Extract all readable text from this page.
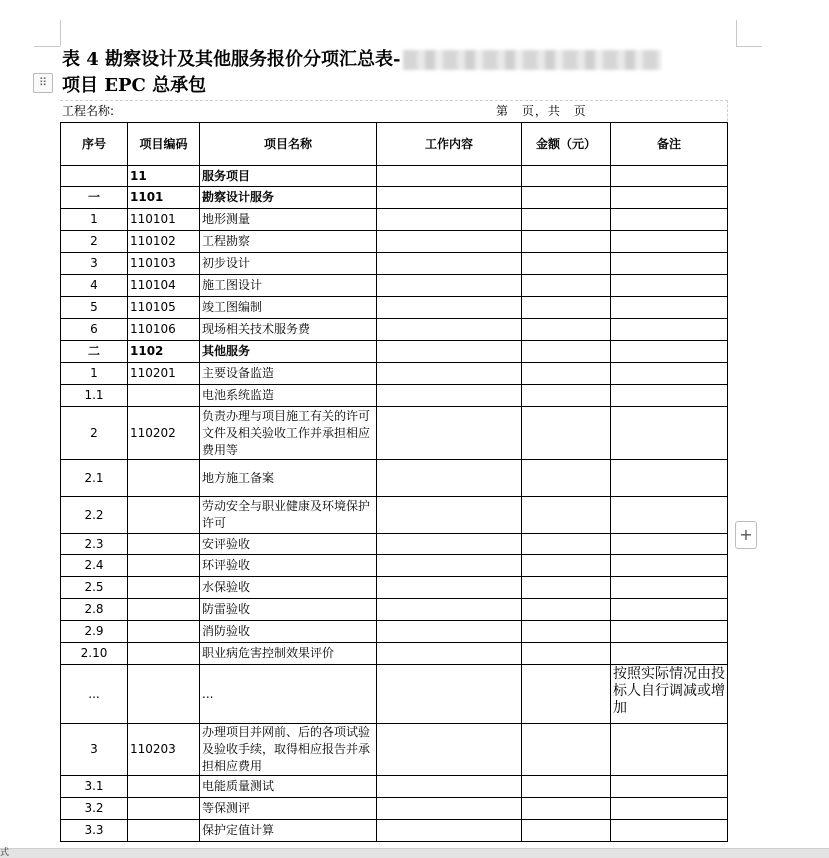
表 4 勘察设计及其他服务报价分项汇总表-
项目 EPC 总承包
⠿
工程名称:	第 页，共 页
序号	项目编码	项目名称	工作内容	金额（元）	备注
	11	服务项目			
一	1101	勘察设计服务			
1	110101	地形测量			
2	110102	工程勘察			
3	110103	初步设计			
4	110104	施工图设计			
5	110105	竣工图编制			
6	110106	现场相关技术服务费			
二	1102	其他服务			
1	110201	主要设备监造			
1.1		电池系统监造			
2	110202	负责办理与项目施工有关的许可文件及相关验收工作并承担相应费用等			
2.1		地方施工备案			
2.2		劳动安全与职业健康及环境保护许可			
2.3		安评验收			
2.4		环评验收			
2.5		水保验收			
2.8		防雷验收			
2.9		消防验收			
2.10		职业病危害控制效果评价			
...		...			按照实际情况由投标人自行调减或增加
3	110203	办理项目并网前、后的各项试验及验收手续，取得相应报告并承担相应费用			
3.1		电能质量测试			
3.2		等保测评			
3.3		保护定值计算			
+
式
